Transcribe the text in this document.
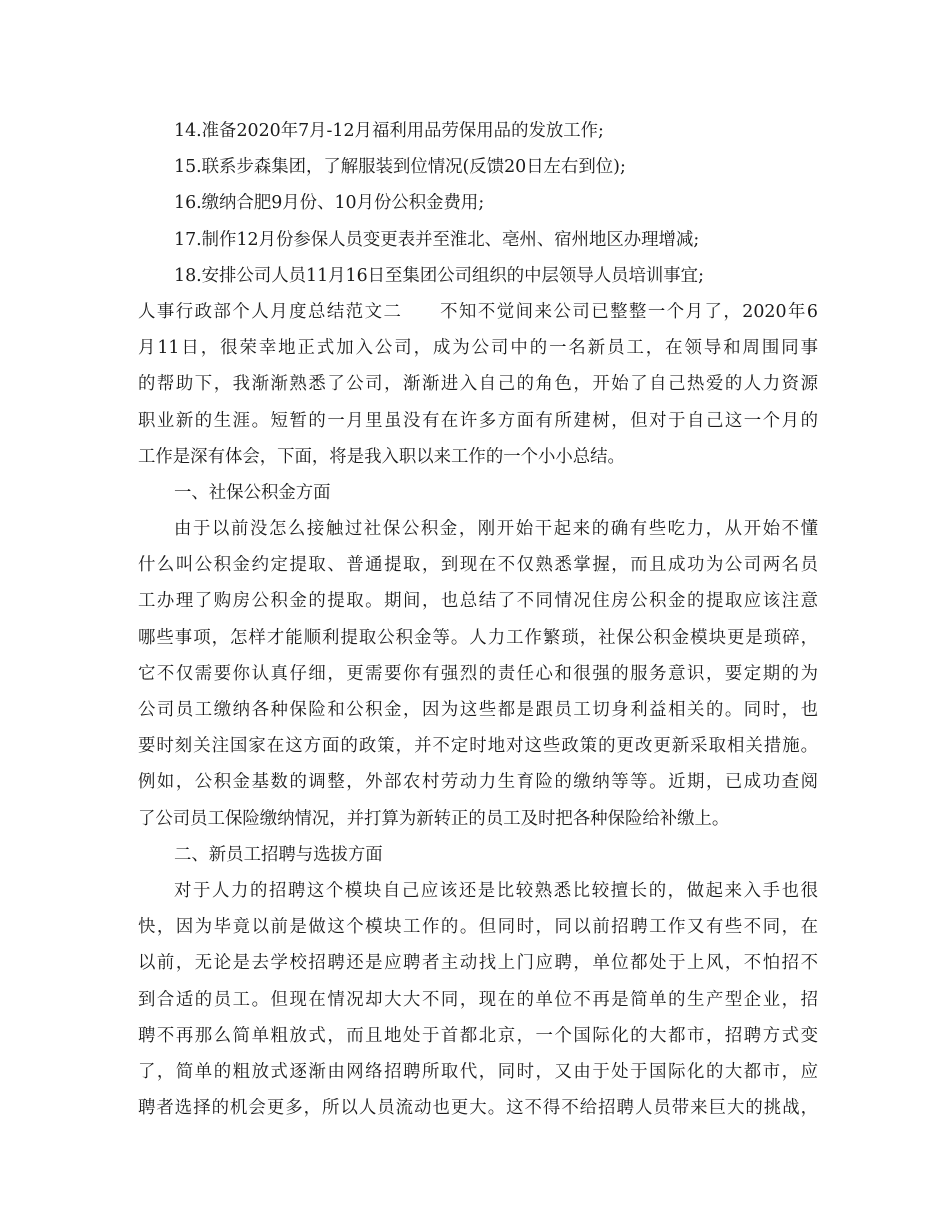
14.准备2020年7月-12月福利用品劳保用品的发放工作;
15.联系步森集团，了解服装到位情况(反馈20日左右到位);
16.缴纳合肥9月份、10月份公积金费用;
17.制作12月份参保人员变更表并至淮北、亳州、宿州地区办理增减;
18.安排公司人员11月16日至集团公司组织的中层领导人员培训事宜;
人事行政部个人月度总结范文二　　不知不觉间来公司已整整一个月了，2020年6
月11日，很荣幸地正式加入公司，成为公司中的一名新员工，在领导和周围同事
的帮助下，我渐渐熟悉了公司，渐渐进入自己的角色，开始了自己热爱的人力资源
职业新的生涯。短暂的一月里虽没有在许多方面有所建树，但对于自己这一个月的
工作是深有体会，下面，将是我入职以来工作的一个小小总结。
一、社保公积金方面
由于以前没怎么接触过社保公积金，刚开始干起来的确有些吃力，从开始不懂
什么叫公积金约定提取、普通提取，到现在不仅熟悉掌握，而且成功为公司两名员
工办理了购房公积金的提取。期间，也总结了不同情况住房公积金的提取应该注意
哪些事项，怎样才能顺利提取公积金等。人力工作繁琐，社保公积金模块更是琐碎，
它不仅需要你认真仔细，更需要你有强烈的责任心和很强的服务意识，要定期的为
公司员工缴纳各种保险和公积金，因为这些都是跟员工切身利益相关的。同时，也
要时刻关注国家在这方面的政策，并不定时地对这些政策的更改更新采取相关措施。
例如，公积金基数的调整，外部农村劳动力生育险的缴纳等等。近期，已成功查阅
了公司员工保险缴纳情况，并打算为新转正的员工及时把各种保险给补缴上。
二、新员工招聘与选拔方面
对于人力的招聘这个模块自己应该还是比较熟悉比较擅长的，做起来入手也很
快，因为毕竟以前是做这个模块工作的。但同时，同以前招聘工作又有些不同，在
以前，无论是去学校招聘还是应聘者主动找上门应聘，单位都处于上风，不怕招不
到合适的员工。但现在情况却大大不同，现在的单位不再是简单的生产型企业，招
聘不再那么简单粗放式，而且地处于首都北京，一个国际化的大都市，招聘方式变
了，简单的粗放式逐渐由网络招聘所取代，同时，又由于处于国际化的大都市，应
聘者选择的机会更多，所以人员流动也更大。这不得不给招聘人员带来巨大的挑战，
